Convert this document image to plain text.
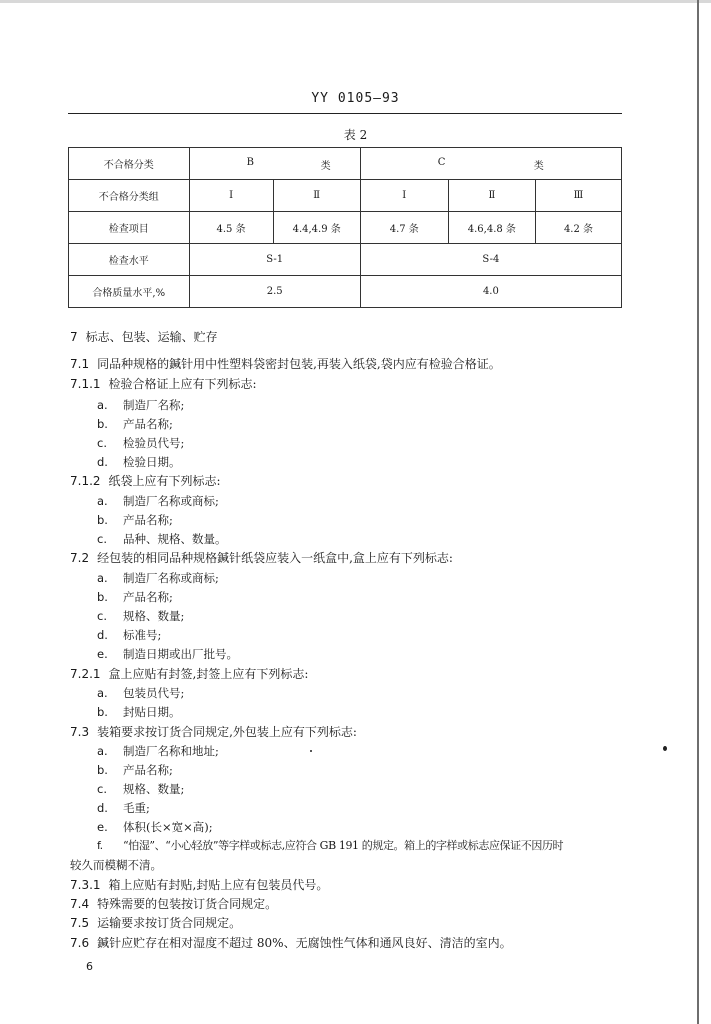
YY 0105—93
表 2
不合格分类	B 类		C 类		

不合格分类组	I	Ⅱ	I	Ⅱ	Ⅲ
检查项目	4.5 条	4.4,4.9 条	4.7 条	4.6,4.8 条	4.2 条
检查水平	S-1		S-4		
合格质量水平,%	2.5		4.0		
7 标志、包装、运输、贮存
7.1 同品种规格的鍼针用中性塑料袋密封包装,再装入纸袋,袋内应有检验合格证。
7.1.1 检验合格证上应有下列标志:
a. 制造厂名称;
b. 产品名称;
c. 检验员代号;
d. 检验日期。
7.1.2 纸袋上应有下列标志:
a. 制造厂名称或商标;
b. 产品名称;
c. 品种、规格、数量。
7.2 经包装的相同品种规格鍼针纸袋应装入一纸盒中,盒上应有下列标志:
a. 制造厂名称或商标;
b. 产品名称;
c. 规格、数量;
d. 标准号;
e. 制造日期或出厂批号。
7.2.1 盒上应贴有封签,封签上应有下列标志:
a. 包装员代号;
b. 封贴日期。
7.3 装箱要求按订货合同规定,外包装上应有下列标志:
a. 制造厂名称和地址;
b. 产品名称;
c. 规格、数量;
d. 毛重;
e. 体积(长×宽×高);
f. “怕湿”、“小心轻放”等字样或标志,应符合 GB 191 的规定。箱上的字样或标志应保证不因历时
较久而模糊不清。
7.3.1 箱上应贴有封贴,封贴上应有包装员代号。
7.4 特殊需要的包装按订货合同规定。
7.5 运输要求按订货合同规定。
7.6 鍼针应贮存在相对湿度不超过 80%、无腐蚀性气体和通风良好、清洁的室内。
6
